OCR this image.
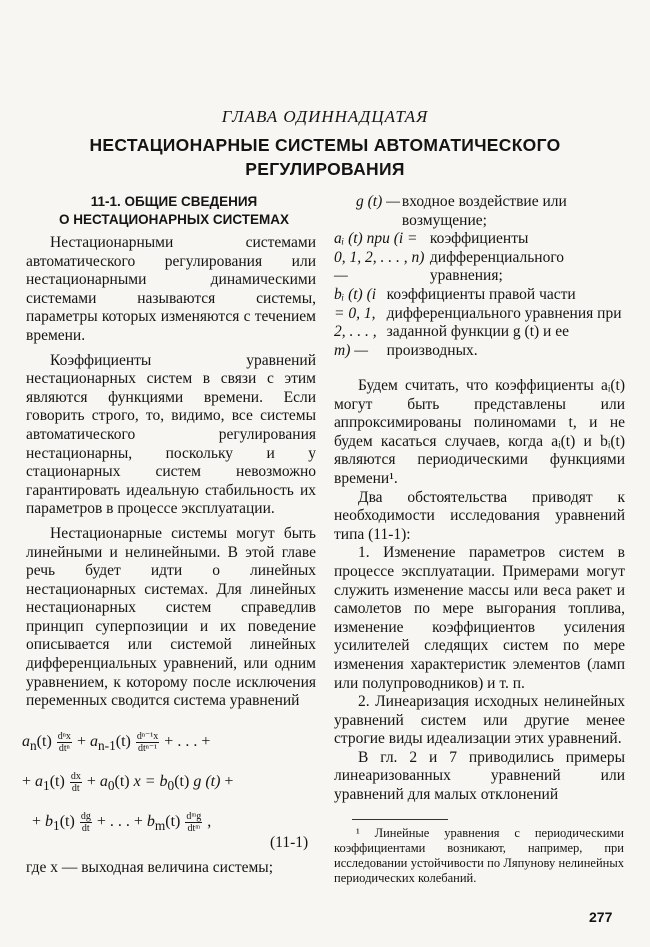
ГЛАВА ОДИННАДЦАТАЯ
НЕСТАЦИОНАРНЫЕ СИСТЕМЫ АВТОМАТИЧЕСКОГО
РЕГУЛИРОВАНИЯ
11-1. ОБЩИЕ СВЕДЕНИЯ
О НЕСТАЦИОНАРНЫХ СИСТЕМАХ

Нестационарными системами автоматического регулирования или нестационарными динамическими системами называются системы, параметры которых изменяются с течением времени.

Коэффициенты уравнений нестационарных систем в связи с этим являются функциями времени. Если говорить строго, то, видимо, все системы автоматического регулирования нестационарны, поскольку и у стационарных систем невозможно гарантировать идеальную стабильность их параметров в процессе эксплуатации.

Нестационарные системы могут быть линейными и нелинейными. В этой главе речь будет идти о линейных нестационарных системах. Для линейных нестационарных систем справедлив принцип суперпозиции и их поведение описывается или системой линейных дифференциальных уравнений, или одним уравнением, к которому после исключения переменных сводится система уравнений

$a_n(t) \frac{\text{dⁿx}}{\text{dtⁿ}} + a_{n-1}(t) \frac{\text{dⁿ⁻¹x}}{\text{dtⁿ⁻¹}}$ + . . . +
+ $a_1(t) \frac{dx}{dt} + a_0(t) x = b_0(t)$ g (t) +
+ $b_1(t) \frac{dg}{dt}$ + . . . + $b_m(t) \frac{\text{dᵐg}}{\text{dtᵐ}}$ ,
(11-1)
где x — выходная величина системы;
g (t) — входное воздействие или возмущение;
aᵢ (t) при (i = 0, 1, 2, . . . , n) —
коэффициенты дифференциального уравнения;
bᵢ (t) (i = 0, 1, 2, . . . , m) —
коэффициенты правой части дифференциального уравнения при заданной функции g (t) и ее производных.

Будем считать, что коэффициенты aᵢ(t) могут быть представлены или аппроксимированы полиномами t, и не будем касаться случаев, когда aᵢ(t) и bᵢ(t) являются периодическими функциями времени¹.

Два обстоятельства приводят к необходимости исследования уравнений типа (11-1):

1. Изменение параметров систем в процессе эксплуатации. Примерами могут служить изменение массы или веса ракет и самолетов по мере выгорания топлива, изменение коэффициентов усиления усилителей следящих систем по мере изменения характеристик элементов (ламп или полупроводников) и т. п.

2. Линеаризация исходных нелинейных уравнений систем или другие менее строгие виды идеализации этих уравнений.

В гл. 2 и 7 приводились примеры линеаризованных уравнений или уравнений для малых отклонений

¹ Линейные уравнения с периодическими коэффициентами возникают, например, при исследовании устойчивости по Ляпунову нелинейных периодических колебаний.
277
